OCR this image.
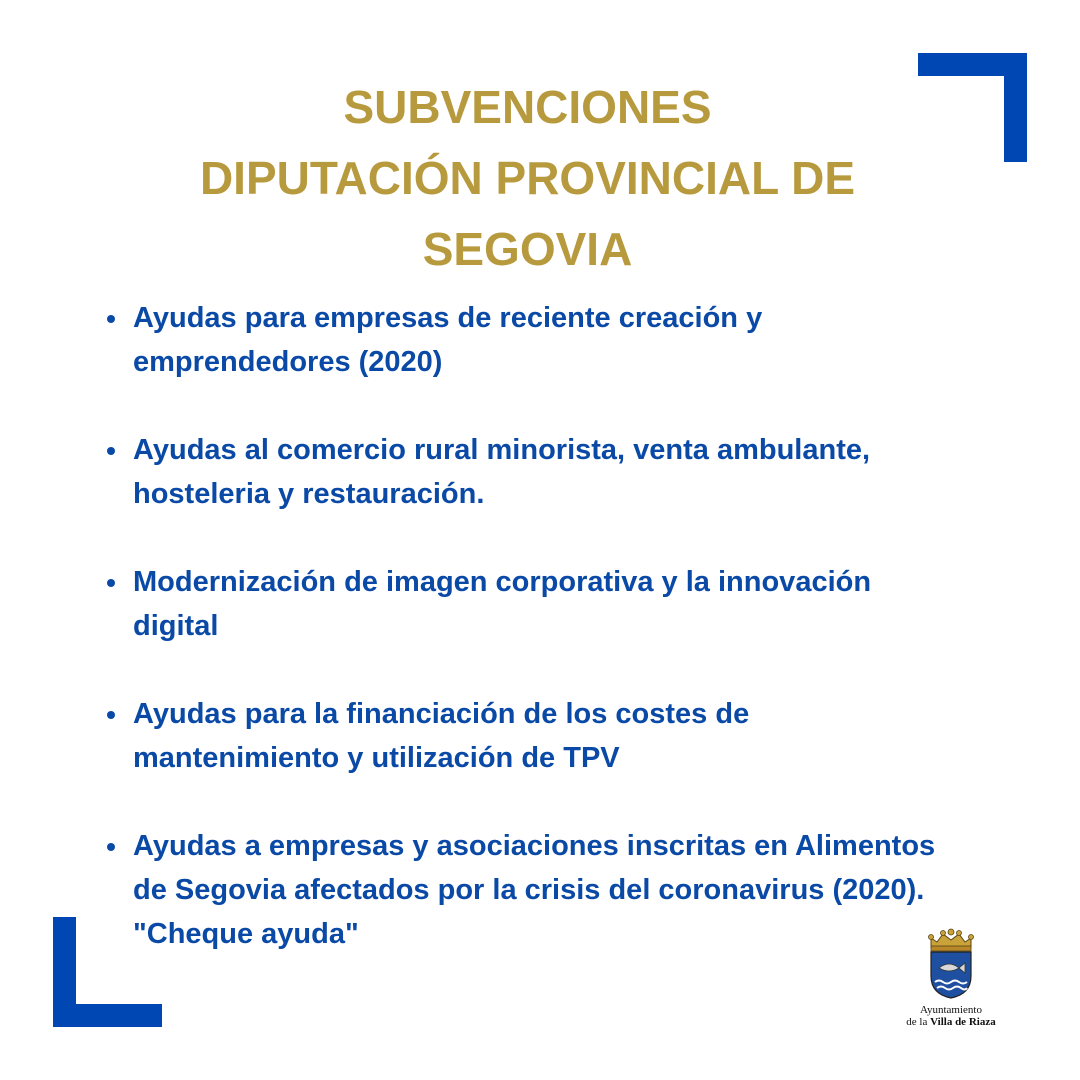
SUBVENCIONES
DIPUTACIÓN PROVINCIAL DE
SEGOVIA
Ayudas para empresas de reciente creación y
emprendedores (2020)
Ayudas al comercio rural minorista, venta ambulante,
hosteleria y restauración.
Modernización de imagen corporativa y la innovación
digital
Ayudas para la financiación de los costes de
mantenimiento y utilización de TPV
Ayudas a empresas y asociaciones inscritas en Alimentos
de Segovia afectados por la crisis del coronavirus (2020).
"Cheque ayuda"
Ayuntamiento
de la Villa de Riaza
